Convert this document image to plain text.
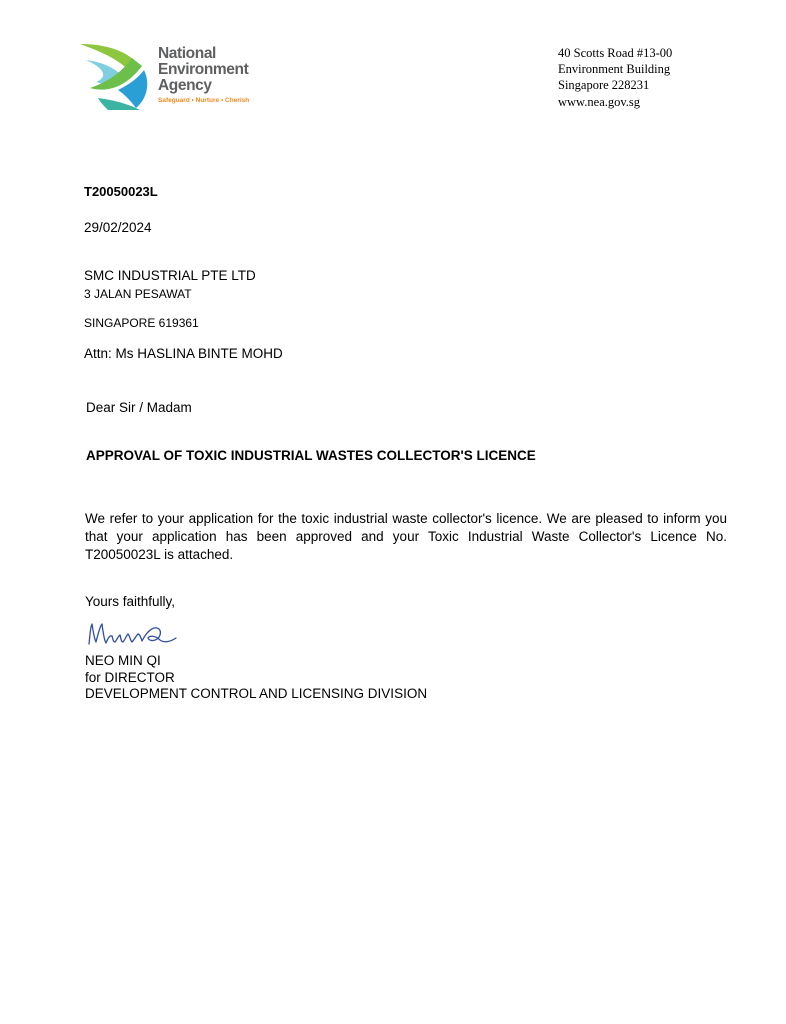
National
Environment
Agency
Safeguard • Nurture • Cherish
40 Scotts Road #13-00
Environment Building
Singapore 228231
www.nea.gov.sg
T20050023L
29/02/2024
SMC INDUSTRIAL PTE LTD
3 JALAN PESAWAT
SINGAPORE 619361
Attn: Ms HASLINA BINTE MOHD
Dear Sir / Madam
APPROVAL OF TOXIC INDUSTRIAL WASTES COLLECTOR'S LICENCE
We refer to your application for the toxic industrial waste collector's licence. We are pleased to inform you that your application has been approved and your Toxic Industrial Waste Collector's Licence No. T20050023L is attached.
Yours faithfully,
NEO MIN QI
for DIRECTOR
DEVELOPMENT CONTROL AND LICENSING DIVISION
